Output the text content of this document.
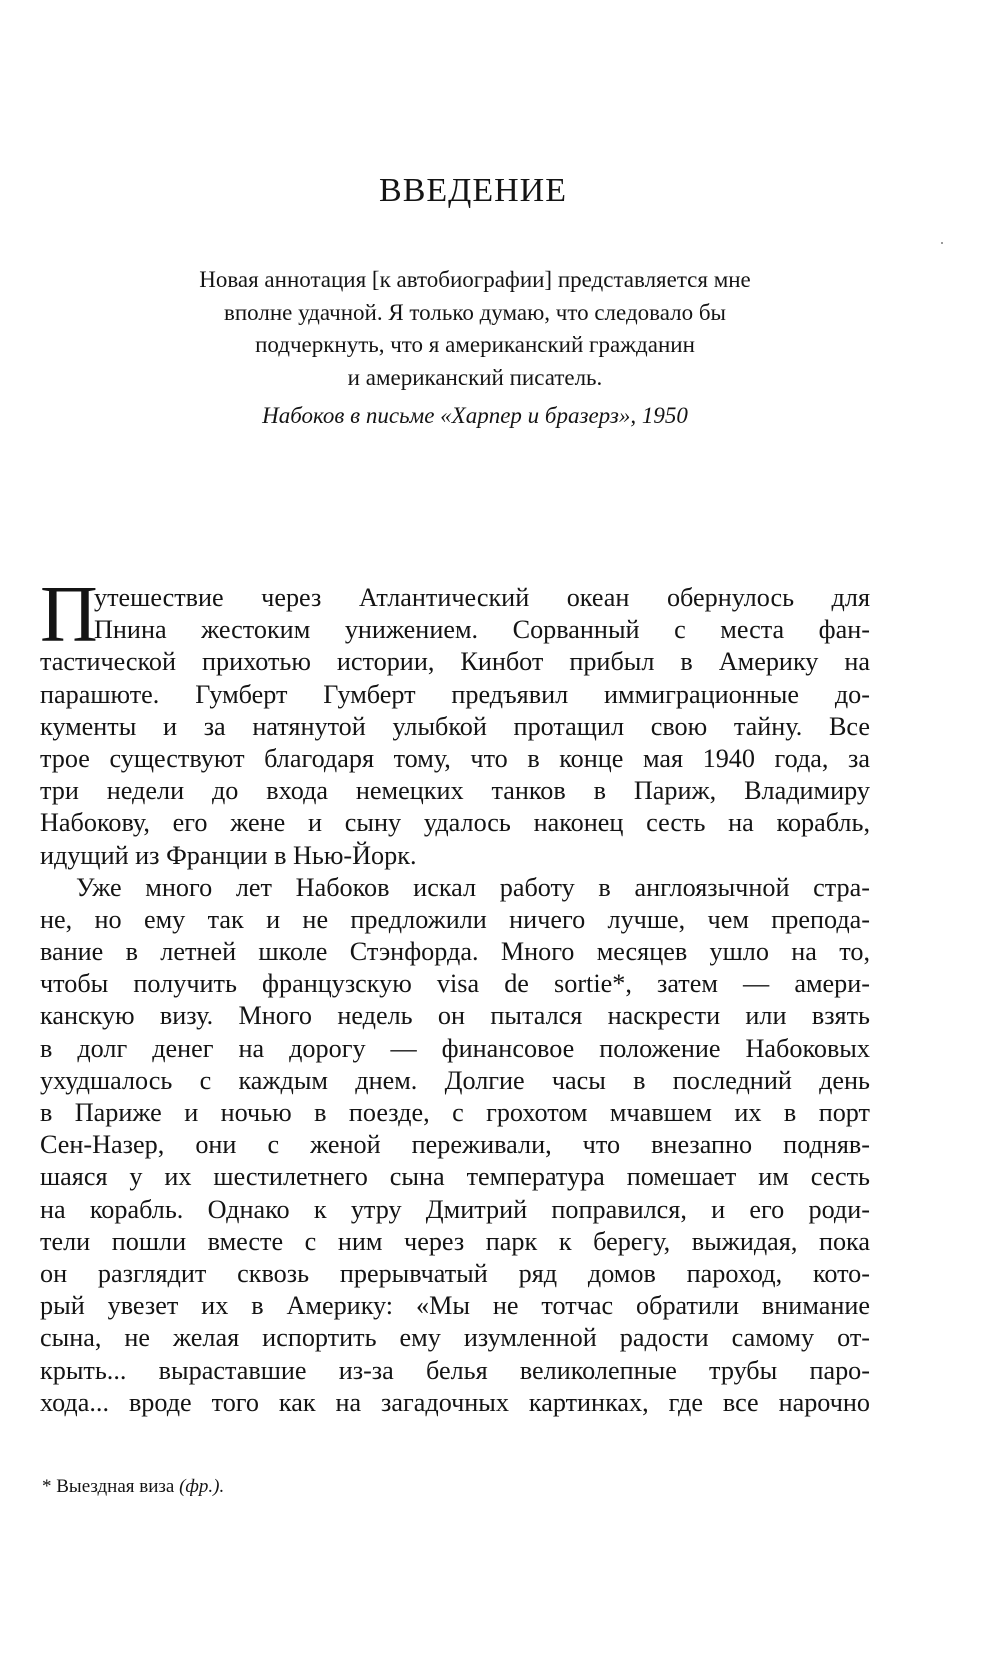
ВВЕДЕНИЕ
Новая аннотация [к автобиографии] представляется мне
вполне удачной. Я только думаю, что следовало бы
подчеркнуть, что я американский гражданин
и американский писатель.
Набоков в письме «Харпер и бразерз», 1950
П
утешествие через Атлантический океан обернулось для
Пнина жестоким унижением. Сорванный с места фан-
тастической прихотью истории, Кинбот прибыл в Америку на
парашюте. Гумберт Гумберт предъявил иммиграционные до-
кументы и за натянутой улыбкой протащил свою тайну. Все
трое существуют благодаря тому, что в конце мая 1940 года, за
три недели до входа немецких танков в Париж, Владимиру
Набокову, его жене и сыну удалось наконец сесть на корабль,
идущий из Франции в Нью-Йорк.
Уже много лет Набоков искал работу в англоязычной стра-
не, но ему так и не предложили ничего лучше, чем препода-
вание в летней школе Стэнфорда. Много месяцев ушло на то,
чтобы получить французскую visa de sortie*, затем — амери-
канскую визу. Много недель он пытался наскрести или взять
в долг денег на дорогу — финансовое положение Набоковых
ухудшалось с каждым днем. Долгие часы в последний день
в Париже и ночью в поезде, с грохотом мчавшем их в порт
Сен-Назер, они с женой переживали, что внезапно подняв-
шаяся у их шестилетнего сына температура помешает им сесть
на корабль. Однако к утру Дмитрий поправился, и его роди-
тели пошли вместе с ним через парк к берегу, выжидая, пока
он разглядит сквозь прерывчатый ряд домов пароход, кото-
рый увезет их в Америку: «Мы не тотчас обратили внимание
сына, не желая испортить ему изумленной радости самому от-
крыть... выраставшие из-за белья великолепные трубы паро-
хода... вроде того как на загадочных картинках, где все нарочно
* Выездная виза (фр.).
